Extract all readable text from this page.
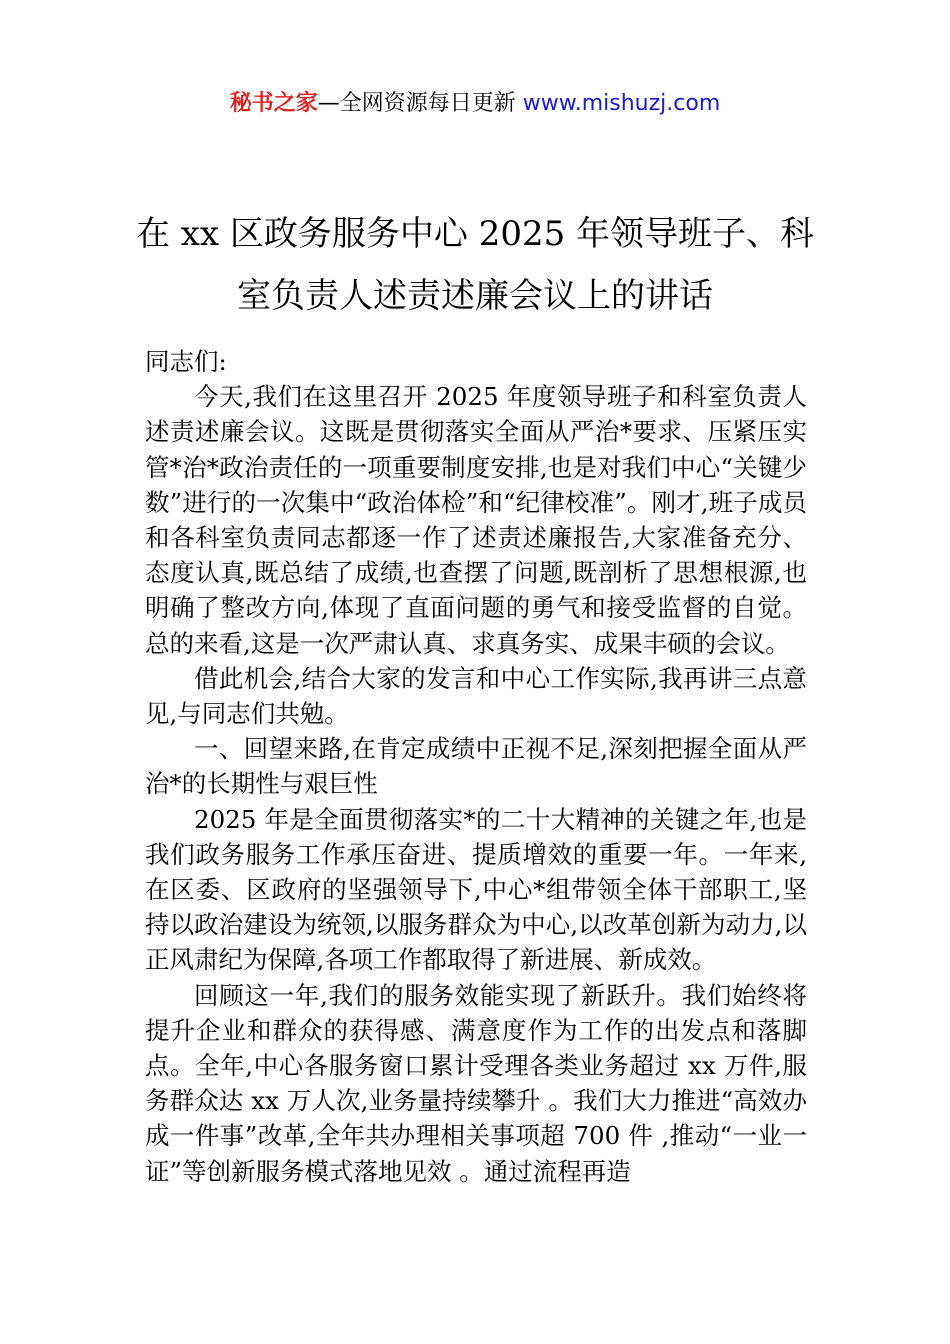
秘书之家—全网资源每日更新 www.mishuzj.com
在 xx 区政务服务中心 2025 年领导班子、科室负责人述责述廉会议上的讲话

同志们:

今天,我们在这里召开 2025 年度领导班子和科室负责人述责述廉会议。这既是贯彻落实全面从严治*要求、压紧压实管*治*政治责任的一项重要制度安排,也是对我们中心“关键少数”进行的一次集中“政治体检”和“纪律校准”。刚才,班子成员和各科室负责同志都逐一作了述责述廉报告,大家准备充分、态度认真,既总结了成绩,也查摆了问题,既剖析了思想根源,也明确了整改方向,体现了直面问题的勇气和接受监督的自觉。总的来看,这是一次严肃认真、求真务实、成果丰硕的会议。

借此机会,结合大家的发言和中心工作实际,我再讲三点意见,与同志们共勉。

一、回望来路,在肯定成绩中正视不足,深刻把握全面从严治*的长期性与艰巨性

2025 年是全面贯彻落实*的二十大精神的关键之年,也是我们政务服务工作承压奋进、提质增效的重要一年。一年来,在区委、区政府的坚强领导下,中心*组带领全体干部职工,坚持以政治建设为统领,以服务群众为中心,以改革创新为动力,以正风肃纪为保障,各项工作都取得了新进展、新成效。

回顾这一年,我们的服务效能实现了新跃升。我们始终将提升企业和群众的获得感、满意度作为工作的出发点和落脚点。全年,中心各服务窗口累计受理各类业务超过 xx 万件,服务群众达 xx 万人次,业务量持续攀升 。我们大力推进“高效办成一件事”改革,全年共办理相关事项超 700 件 ,推动“一业一证”等创新服务模式落地见效 。通过流程再造
